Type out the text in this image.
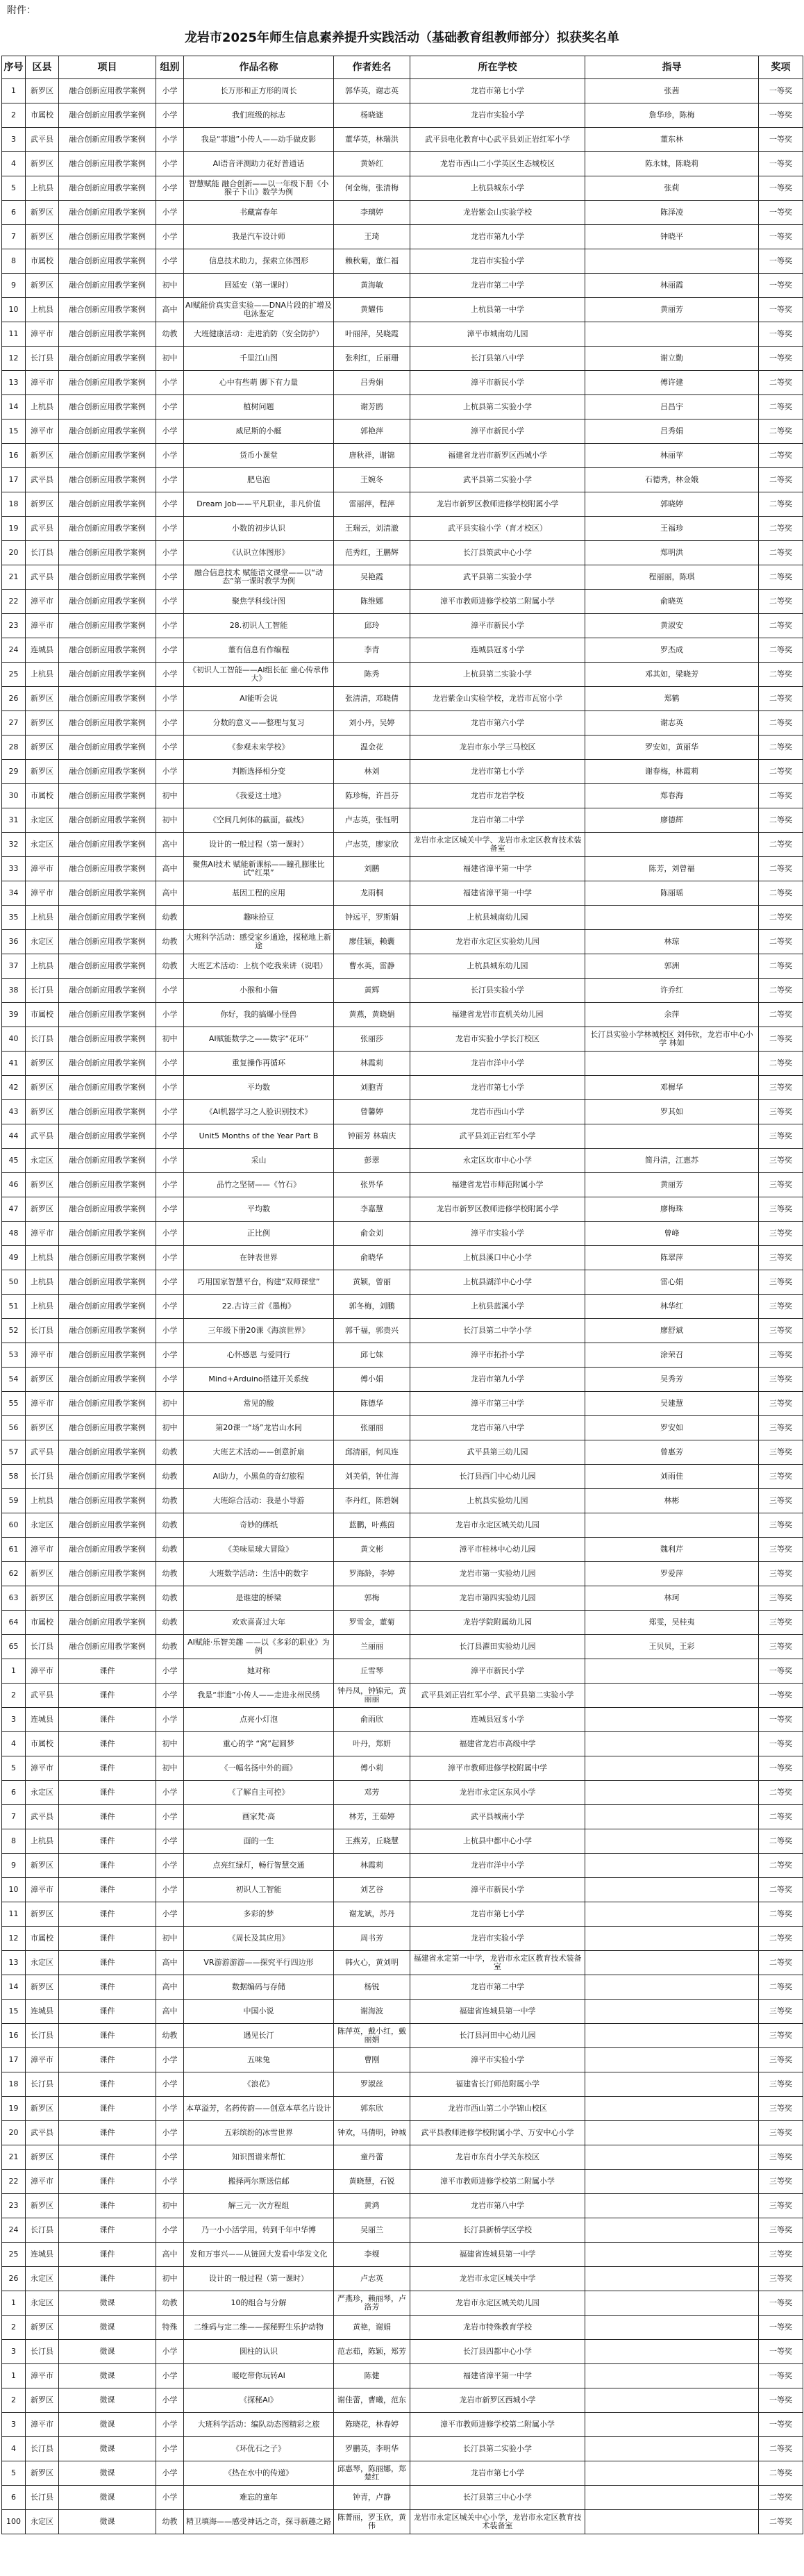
附件：
龙岩市2025年师生信息素养提升实践活动（基础教育组教师部分）拟获奖名单
序号	区县	项目	组别	作品名称	作者姓名	所在学校	指导	奖项
1	新罗区	融合创新应用教学案例	小学	长万形和正方形的周长	郭华英，谢志英	龙岩市第七小学	张茜	一等奖
2	市属校	融合创新应用教学案例	小学	我们班级的标志	杨晓谜	龙岩市实验小学	詹华珍，陈梅	一等奖
3	武平县	融合创新应用教学案例	小学	我是“菲遗”小传人——动手做皮影	董华英，林瑞洪	武平县电化教育中心武平县刘正岩红军小学	董东林	一等奖
4	新罗区	融合创新应用教学案例	小学	AI语音评测助力花好普通话	黄娇红	龙岩市西山二小学英区生态城校区	陈永妹，陈晓莉	一等奖
5	上杭县	融合创新应用教学案例	小学	智慧赋能 融合创新——以一年级下册《小猴子下山》数学为例	何金梅，张清梅	上杭县城东小学	张莉	一等奖
6	新罗区	融合创新应用教学案例	小学	书藏富春年	李璃婷	龙岩紫金山实验学校	陈泽凌	一等奖
7	新罗区	融合创新应用教学案例	小学	我是汽车设计师	王琦	龙岩市第九小学	钟晓平	一等奖
8	市属校	融合创新应用教学案例	小学	信息技术助力，探索立体图形	赖秋菊，董仁福	龙岩市实验小学		一等奖
9	新罗区	融合创新应用教学案例	初中	回延安（第一课时）	黄海敏	龙岩市第二中学	林丽霞	一等奖
10	上杭县	融合创新应用教学案例	高中	AI赋能价真实意实验——DNA片段的扩增及电泳鉴定	黄耀伟	上杭县第一中学	黄丽芳	一等奖
11	漳平市	融合创新应用教学案例	幼教	大班健康活动：走进消防（安全防护）	叶丽萍，吴晓霞	漳平市城南幼儿园		一等奖
12	长汀县	融合创新应用教学案例	初中	千里江山图	张利红，丘丽珊	长汀县第八中学	谢立勤	一等奖
13	漳平市	融合创新应用教学案例	小学	心中有些萌 脚下有力量	吕秀娟	漳平市新民小学	傅许建	二等奖
14	上杭县	融合创新应用教学案例	小学	植树问题	谢芳鸥	上杭县第二实验小学	吕昌宇	二等奖
15	漳平市	融合创新应用教学案例	小学	威尼斯的小艇	郭艳萍	漳平市新民小学	吕秀娟	二等奖
16	新罗区	融合创新应用教学案例	小学	货币小课堂	唐秋祥，谢锦	福建省龙岩市新罗区西城小学	林丽苹	二等奖
17	武平县	融合创新应用教学案例	小学	肥皂泡	王婉冬	武平县第二实验小学	石德秀，林金娥	二等奖
18	新罗区	融合创新应用教学案例	小学	Dream Job——平凡职业，非凡价值	雷丽萍，程萍	龙岩市新罗区教师进修学校附属小学	郭晓婷	二等奖
19	武平县	融合创新应用教学案例	小学	小数的初步认识	王瑞云，刘清澈	武平县实验小学（育才校区）	王福珍	二等奖
20	长汀县	融合创新应用教学案例	小学	《认识立体图形》	范秀红，王鹏辉	长汀县策武中心小学	郑明洪	二等奖
21	武平县	融合创新应用教学案例	小学	融合信息技术 赋能语文课堂——以“动态“第一课时教学为例	吴艳霞	武平县第二实验小学	程丽丽，陈琪	二等奖
22	漳平市	融合创新应用教学案例	小学	聚焦学科线计图	陈维娜	漳平市教师进修学校第二附属小学	俞晓英	二等奖
23	漳平市	融合创新应用教学案例	小学	28.初识人工智能	邱玲	漳平市新民小学	黄淑安	二等奖
24	连城县	融合创新应用教学案例	小学	董有信息有作编程	李青	连城县冠豸小学	罗杰成	二等奖
25	上杭县	融合创新应用教学案例	小学	《初识人工智能——AI组长征 童心传承伟大》	陈秀	上杭县第二实验小学	邓其如，梁晓芳	二等奖
26	新罗区	融合创新应用教学案例	小学	AI能听会说	张清清，邓晓倩	龙岩紫金山实验学校，龙岩市瓦窑小学	郑鹤	二等奖
27	新罗区	融合创新应用教学案例	小学	分数的意义——整理与复习	刘小丹，吴婷	龙岩市第六小学	谢志英	二等奖
28	新罗区	融合创新应用教学案例	小学	《参观未来学校》	温金花	龙岩市东小学三马校区	罗安如，黄丽华	二等奖
29	新罗区	融合创新应用教学案例	小学	判断选择相分变	林刘	龙岩市第七小学	谢春梅，林霞莉	二等奖
30	市属校	融合创新应用教学案例	初中	《我爱这土地》	陈珍梅，许昌芬	龙岩市龙岩学校	郑春海	二等奖
31	永定区	融合创新应用教学案例	初中	《空间几何体的截面，截线》	卢志英，张钰明	龙岩市第二中学	廖德辉	二等奖
32	永定区	融合创新应用教学案例	高中	设计的一般过程（第一课时）	卢志英，廖家欣	龙岩市永定区城关中学、龙岩市永定区教育技术装备室		二等奖
33	漳平市	融合创新应用教学案例	高中	聚焦AI技术 赋能新课标——瞳孔膨胀比试“红果”	刘鹏	福建省漳平第一中学	陈芳，刘曾福	二等奖
34	漳平市	融合创新应用教学案例	高中	基因工程的应用	龙雨桐	福建省漳平第一中学	陈丽瑶	二等奖
35	上杭县	融合创新应用教学案例	幼教	趣味拾豆	钟远平，罗斯娟	上杭县城南幼儿园		二等奖
36	永定区	融合创新应用教学案例	幼教	大班科学活动：感受家乡通途，探秘地上新途	廖佳颖，赖囊	龙岩市永定区实验幼儿园	林琼	二等奖
37	上杭县	融合创新应用教学案例	幼教	大班艺术活动：上杭个吃我来讲（说唱）	曹水英，雷静	上杭县城东幼儿园	郭洲	二等奖
38	长汀县	融合创新应用教学案例	小学	小猴和小猫	黄辉	长汀县实验小学	许乔红	二等奖
39	市属校	融合创新应用教学案例	小学	你好，我的搞爆小怪兽	黄燕，黄晓娟	福建省龙岩市直机关幼儿园	余萍	二等奖
40	长汀县	融合创新应用教学案例	初中	AI赋能数学之——数字“花环”	张丽莎	龙岩市实验小学长汀校区	长汀县实验小学林城校区 刘伟钦，龙岩市中心小学 林如	二等奖
41	新罗区	融合创新应用教学案例	小学	重复操作再循环	林霞莉	龙岩市洋中小学		二等奖
42	新罗区	融合创新应用教学案例	小学	平均数	刘胞青	龙岩市第七小学	邓樨华	三等奖
43	新罗区	融合创新应用教学案例	小学	《AI机器学习之人脸识别技术》	曾馨婷	龙岩市西山小学	罗其如	三等奖
44	武平县	融合创新应用教学案例	小学	Unit5 Months of the Year Part B	钟丽芳 林瑞庆	武平县刘正岩红军小学		三等奖
45	永定区	融合创新应用教学案例	小学	采山	彭翠	永定区坎市中心小学	简丹清，江惠苏	三等奖
46	新罗区	融合创新应用教学案例	小学	品竹之坚韧——《竹石》	张畀华	福建省龙岩市师范附属小学	黄丽芳	三等奖
47	新罗区	融合创新应用教学案例	小学	平均数	李嘉慧	龙岩市新罗区教师进修学校附属小学	廖梅珠	三等奖
48	漳平市	融合创新应用教学案例	小学	正比例	俞金刘	漳平市实验小学	曾峰	三等奖
49	上杭县	融合创新应用教学案例	小学	在钟表世界	俞晓华	上杭县溪口中心小学	陈翠萍	三等奖
50	上杭县	融合创新应用教学案例	小学	巧用国家智慧平台，构建“双师课堂”	黄颖，曾丽	上杭县湖洋中心小学	雷心娟	三等奖
51	上杭县	融合创新应用教学案例	小学	22.古诗三首《墨梅》	郭冬梅，刘鹏	上杭县蓝溪小学	林华红	三等奖
52	长汀县	融合创新应用教学案例	小学	三年级下册20课《海滨世界》	郭千福，郭贵兴	长汀县第二中学小学	廖舒斌	三等奖
53	漳平市	融合创新应用教学案例	小学	心怀感恩 与爱同行	邱七妹	漳平市拓扑小学	涂荣召	三等奖
54	新罗区	融合创新应用教学案例	小学	Mind+Arduino搭建开关系统	傅小娟	龙岩市第九小学	吴秀芳	三等奖
55	漳平市	融合创新应用教学案例	初中	常见的酸	陈德华	漳平市第三中学	吴建慧	三等奖
56	新罗区	融合创新应用教学案例	初中	第20课一“场”龙岩山水间	张丽丽	龙岩市第八中学	罗安如	三等奖
57	武平县	融合创新应用教学案例	幼教	大班艺术活动——创意折扇	邱清丽，何凤连	武平县第三幼儿园	曾惠芳	三等奖
58	长汀县	融合创新应用教学案例	幼教	AI助力，小黑鱼的奇幻旅程	刘美俏，钟仕海	长汀县西门中心幼儿园	刘雨佳	三等奖
59	上杭县	融合创新应用教学案例	幼教	大班综合活动：我是小导游	李丹红，陈碧娴	上杭县实验幼儿园	林彬	三等奖
60	永定区	融合创新应用教学案例	幼教	奇妙的绑纸	蓝鹏，叶燕茵	龙岩市永定区城关幼儿园		三等奖
61	漳平市	融合创新应用教学案例	幼教	《美味星球大冒险》	黄文彬	漳平市桂林中心幼儿园	魏利芹	三等奖
62	新罗区	融合创新应用教学案例	幼教	大班数学活动：生活中的数字	罗海龄，李婷	龙岩市第一实验幼儿园	罗爱萍	三等奖
63	新罗区	融合创新应用教学案例	幼教	是谁建的桥梁	郭梅	龙岩市第四实验幼儿园	林珂	三等奖
64	市属校	融合创新应用教学案例	幼教	欢欢喜喜过大年	罗雪金，董菊	龙岩学院附属幼儿园	郑雯，吴桂夷	三等奖
65	长汀县	融合创新应用教学案例	幼教	AI赋能·乐智美趣 ——以《多彩的职业》为例	兰丽丽	长汀县濯田实验幼儿园	王贝贝，王彩	三等奖
1	漳平市	课件	小学	她对称	丘雪琴	漳平市新民小学		一等奖
2	武平县	课件	小学	我是“菲遗”小传人——走进永州民绣	钟丹凤，钟锦元，黄丽丽	武平县刘正岩红军小学、武平县第二实验小学		一等奖
3	连城县	课件	小学	点亮小灯泡	俞雨欣	连城县冠豸小学		一等奖
4	市属校	课件	初中	重心的学 “窝”起圆梦	叶丹，郑妍	福建省龙岩市高级中学		一等奖
5	漳平市	课件	初中	《一幅名扬中外的画》	傅小莉	漳平市教师进修学校附属中学		一等奖
6	永定区	课件	小学	《了解自主可控》	邓芳	龙岩市永定区东风小学		二等奖
7	武平县	课件	小学	画家梵·高	林芳，王茹婷	武平县城南小学		二等奖
8	上杭县	课件	小学	面的一生	王燕芳，丘晓慧	上杭县中都中心小学		二等奖
9	新罗区	课件	小学	点亮红绿灯，畅行智慧交通	林霞莉	龙岩市洋中小学		二等奖
10	漳平市	课件	小学	初识人工智能	刘艺谷	漳平市新民小学		二等奖
11	新罗区	课件	小学	多彩的梦	谢龙斌，苏丹	龙岩市第七小学		二等奖
12	市属校	课件	初中	《周长及其应用》	周书芳	龙岩市实验小学		二等奖
13	永定区	课件	高中	VR游游游游——探究平行四边形	韩火心，黄刘明	福建省永定第一中学，龙岩市永定区教育技术装备室		二等奖
14	新罗区	课件	高中	数据编码与存储	杨锐	龙岩市第二中学		二等奖
15	连城县	课件	高中	中国小说	谢海波	福建省连城县第一中学		三等奖
16	长汀县	课件	幼教	遇见长汀	陈萍英，戴小红，戴丽娟	长汀县河田中心幼儿园		三等奖
17	漳平市	课件	小学	五味兔	曹刚	漳平市实验小学		三等奖
18	长汀县	课件	小学	《浪花》	罗淑丝	福建省长汀师范附属小学		三等奖
19	新罗区	课件	小学	本草溢芳，名药传韵——创意本草名片设计	郭东欣	龙岩市西山第二小学锦山校区		三等奖
20	武平县	课件	小学	五彩缤纷的冰雪世界	钟欢，马倩明，钟城	武平县教师进修学校附属小学、万安中心小学		三等奖
21	新罗区	课件	小学	知识图谱来帮忙	童丹蕾	龙岩市东肖小学关东校区		三等奖
22	漳平市	课件	小学	搬择两尔斯送信邮	黄晓慧，石锐	漳平市教师进修学校第二附属小学		三等奖
23	新罗区	课件	初中	解三元一次方程组	黄鸿	龙岩市第八中学		三等奖
24	长汀县	课件	小学	乃一小小活学用，转到千年中华博	吴丽兰	长汀县新桥学区学校		三等奖
25	连城县	课件	高中	发和万事兴——从链回大发看中华发文化	李觌	福建省连城县第一中学		三等奖
26	永定区	课件	初中	设计的一般过程（第一课时）	卢志英	龙岩市永定区城关中学		三等奖
1	永定区	微课	幼教	10的组合与分解	严燕珍，赖丽琴，卢洛芳	龙岩市永定区城关幼儿园		一等奖
2	新罗区	微课	特殊	二维码与定二维——探秘野生乐护动物	黄艳，谢娟	龙岩市特殊教育学校		一等奖
3	长汀县	微课	小学	圆柱的认识	范志茹，陈颖，郑芳	长汀县四都中心小学		一等奖
1	漳平市	微课	小学	暖吃带你玩转AI	陈健	福建省漳平第一中学		一等奖
2	新罗区	微课	小学	《探秘AI》	谢佳蕾，曹曦，范东	龙岩市新罗区西城小学		一等奖
3	漳平市	微课	小学	大班科学活动：编队动态图精彩之旅	陈晓花，林春婷	漳平市教师进修学校第二附属小学		一等奖
4	长汀县	微课	小学	《环优石之子》	罗鹏英，李明华	长汀县第二实验小学		二等奖
5	新罗区	微课	小学	《热在水中的传递》	邱惠琴，陈丽娜，郑楚红	龙岩市第七小学		二等奖
6	长汀县	微课	小学	难忘的童年	钟青，卢静	长汀县第三中心小学		二等奖
100	永定区	微课	幼教	精卫填海——感受神话之奇，探寻新趣之路	陈菁丽，罗玉欣，黄伟	龙岩市永定区城关中心小学，龙岩市永定区教育技术装备室		二等奖
